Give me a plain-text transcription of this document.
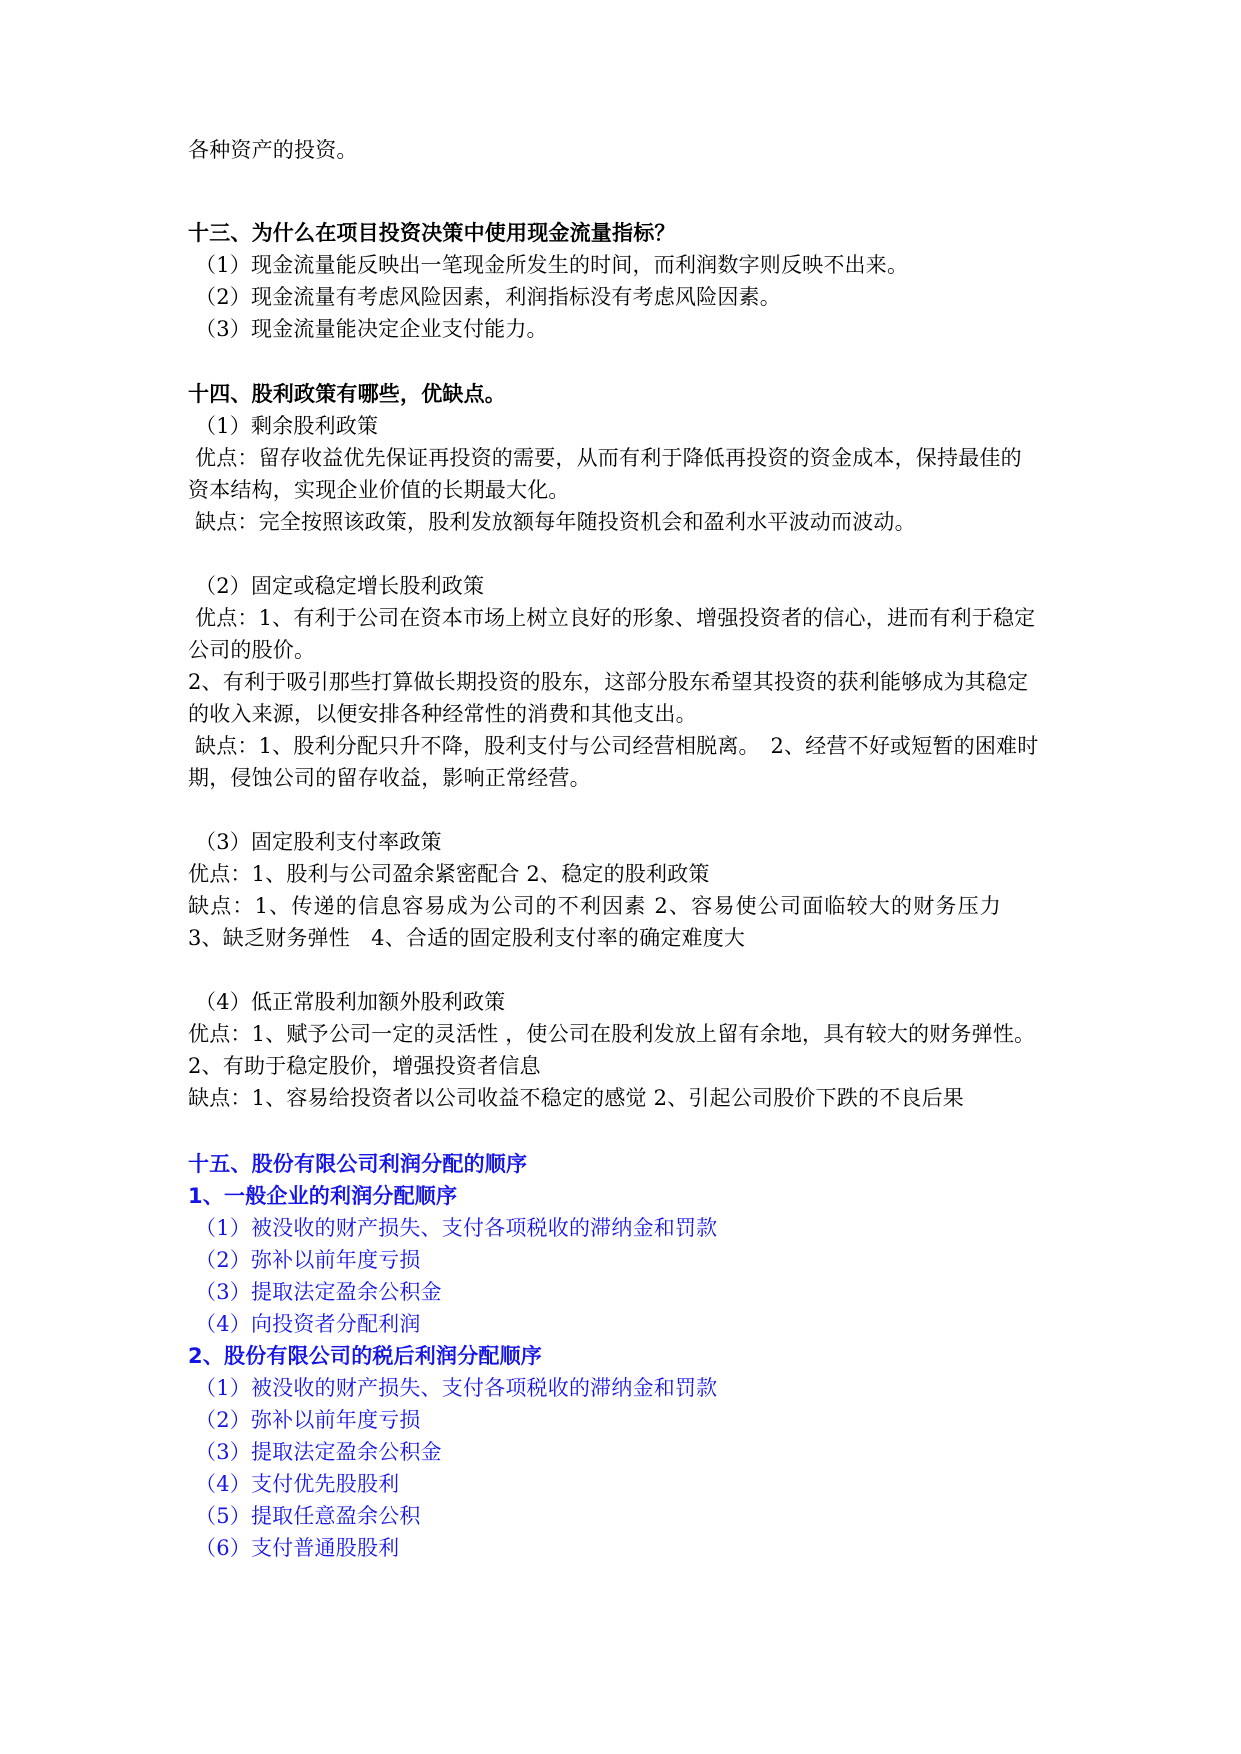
各种资产的投资。
十三、为什么在项目投资决策中使用现金流量指标？
（1）现金流量能反映出一笔现金所发生的时间，而利润数字则反映不出来。
（2）现金流量有考虑风险因素，利润指标没有考虑风险因素。
（3）现金流量能决定企业支付能力。
十四、股利政策有哪些，优缺点。
（1）剩余股利政策
优点：留存收益优先保证再投资的需要，从而有利于降低再投资的资金成本，保持最佳的
资本结构，实现企业价值的长期最大化。
缺点：完全按照该政策，股利发放额每年随投资机会和盈利水平波动而波动。
（2）固定或稳定增长股利政策
优点：1、有利于公司在资本市场上树立良好的形象、增强投资者的信心，进而有利于稳定
公司的股价。
2、有利于吸引那些打算做长期投资的股东，这部分股东希望其投资的获利能够成为其稳定
的收入来源，以便安排各种经常性的消费和其他支出。
缺点：1、股利分配只升不降，股利支付与公司经营相脱离。　2、经营不好或短暂的困难时
期，侵蚀公司的留存收益，影响正常经营。
（3）固定股利支付率政策
优点：1、股利与公司盈余紧密配合 2、稳定的股利政策
缺点：1、传递的信息容易成为公司的不利因素 2、容易使公司面临较大的财务压力
3、缺乏财务弹性　4、合适的固定股利支付率的确定难度大
（4）低正常股利加额外股利政策
优点：1、赋予公司一定的灵活性 ，使公司在股利发放上留有余地，具有较大的财务弹性。
2、有助于稳定股价，增强投资者信息
缺点：1、容易给投资者以公司收益不稳定的感觉 2、引起公司股价下跌的不良后果
十五、股份有限公司利润分配的顺序
1、一般企业的利润分配顺序
（1）被没收的财产损失、支付各项税收的滞纳金和罚款
（2）弥补以前年度亏损
（3）提取法定盈余公积金
（4）向投资者分配利润
2、股份有限公司的税后利润分配顺序
（1）被没收的财产损失、支付各项税收的滞纳金和罚款
（2）弥补以前年度亏损
（3）提取法定盈余公积金
（4）支付优先股股利
（5）提取任意盈余公积
（6）支付普通股股利
